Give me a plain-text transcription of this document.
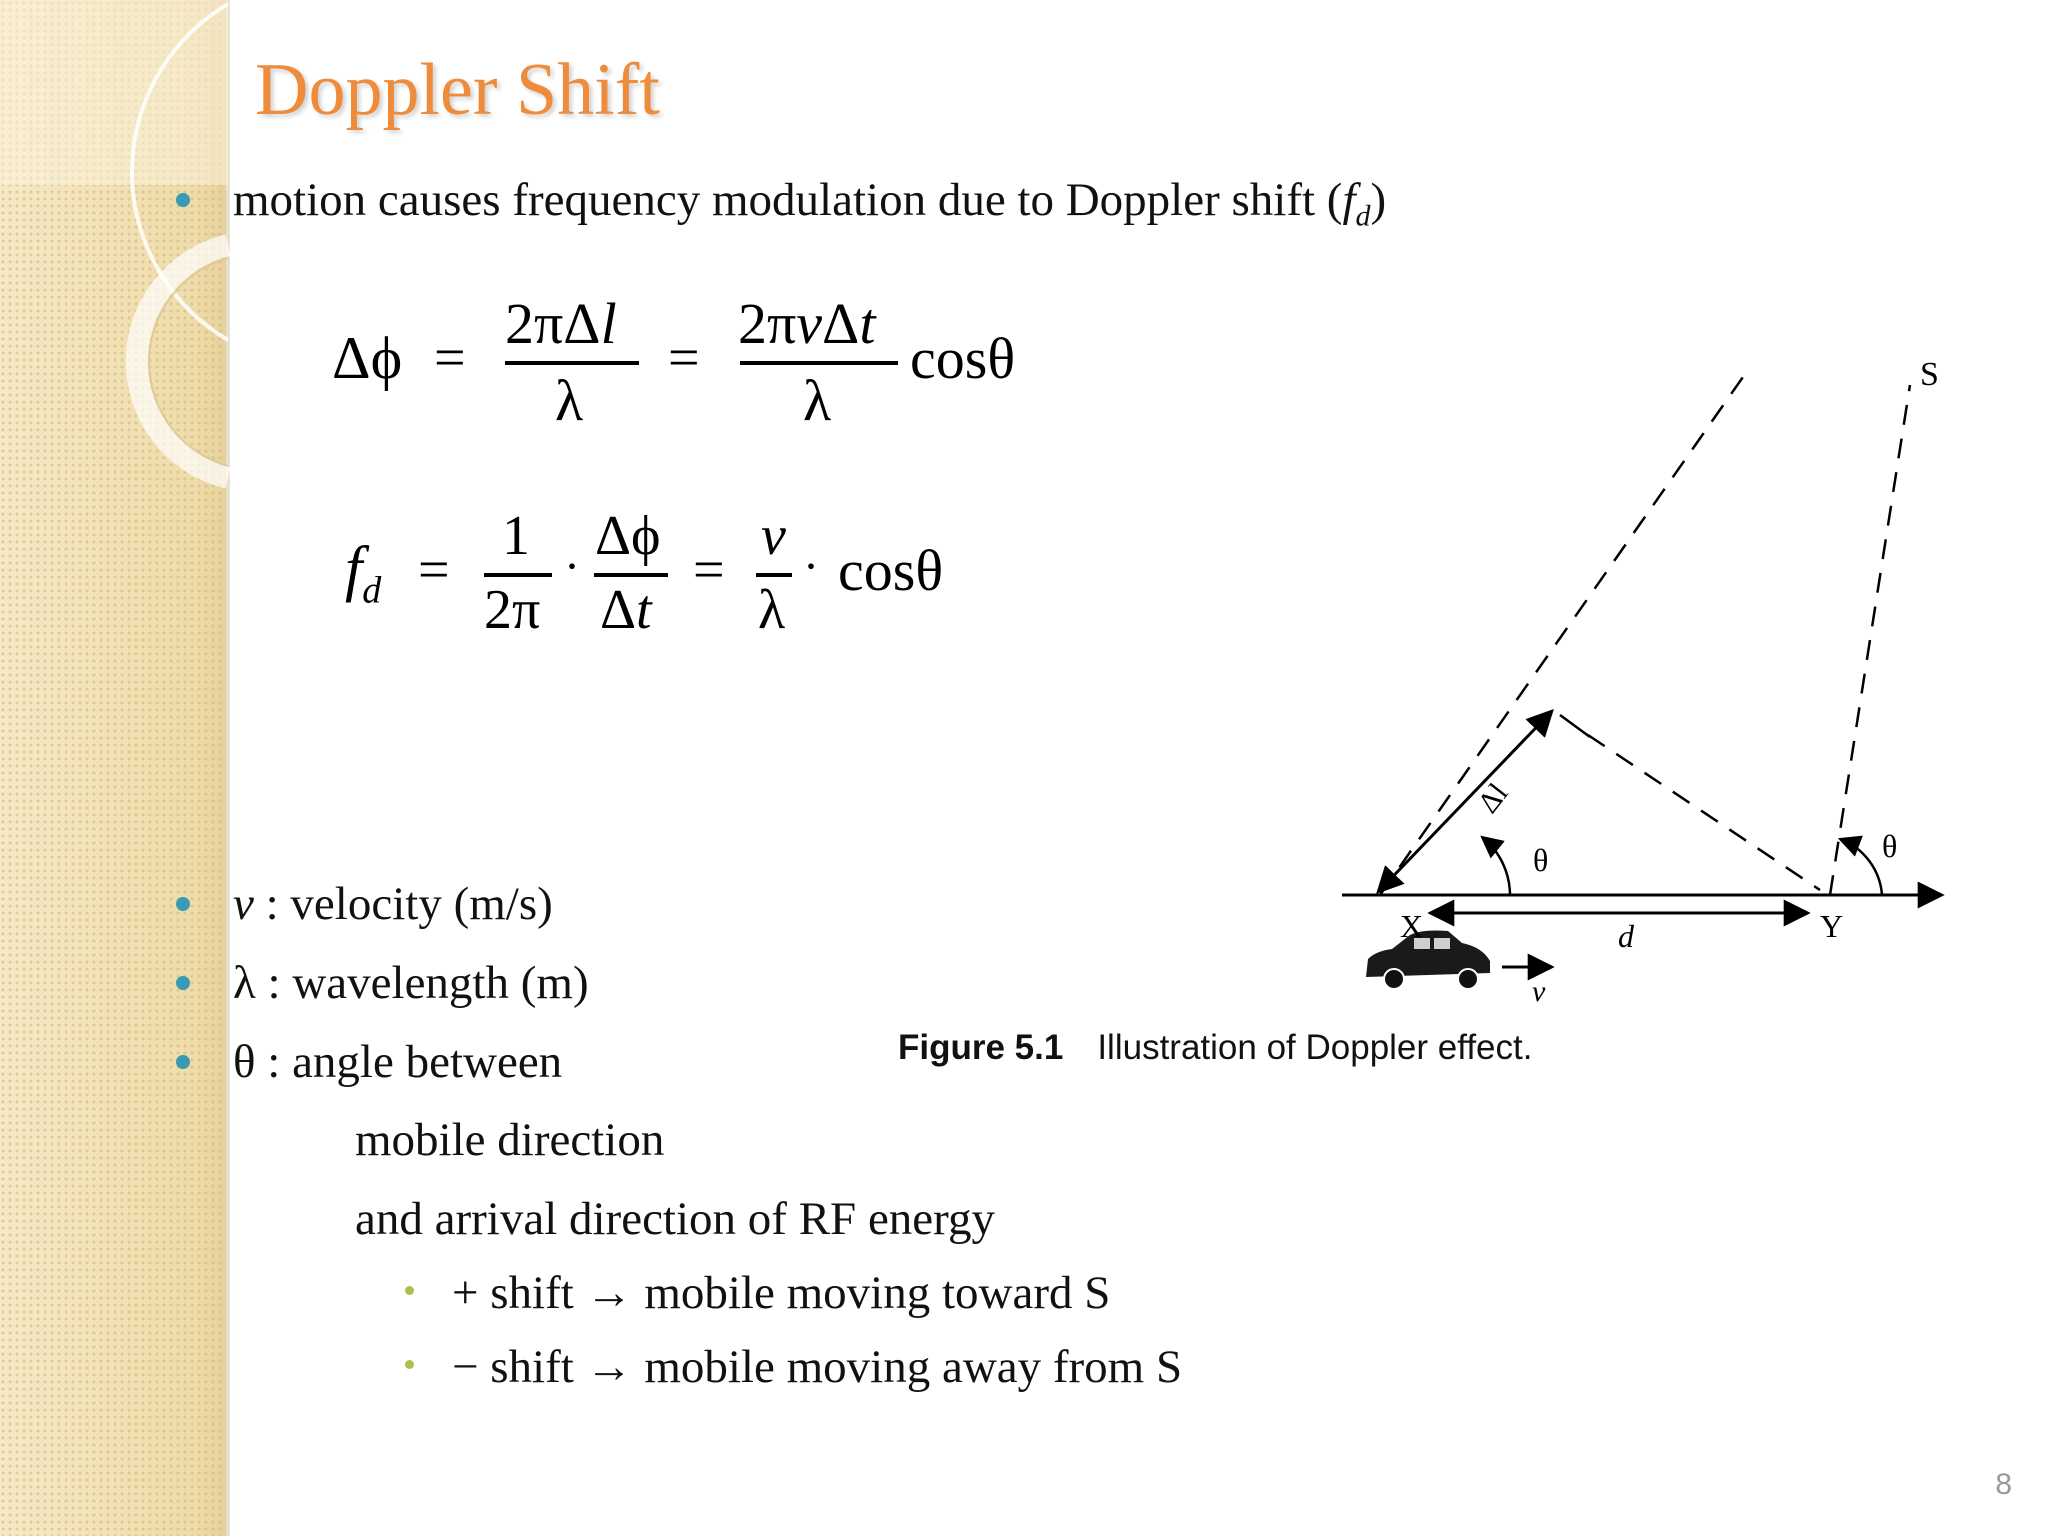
Doppler Shift
motion causes frequency modulation due to Doppler shift $(f_d)$
Δϕ =
2πΔl
λ
=
2πvΔt
λ
cosθ
$f_d$ =
1
2π
· Δϕ
Δt
=
v
λ
· cosθ
v : velocity (m/s)
λ : wavelength (m)
θ : angle between
mobile direction
and arrival direction of RF energy
+ shift → mobile moving toward S
− shift → mobile moving away from S
S
X	Y
d
v
Δl
θ	θ
Figure 5.1 Illustration of Doppler effect.
8
